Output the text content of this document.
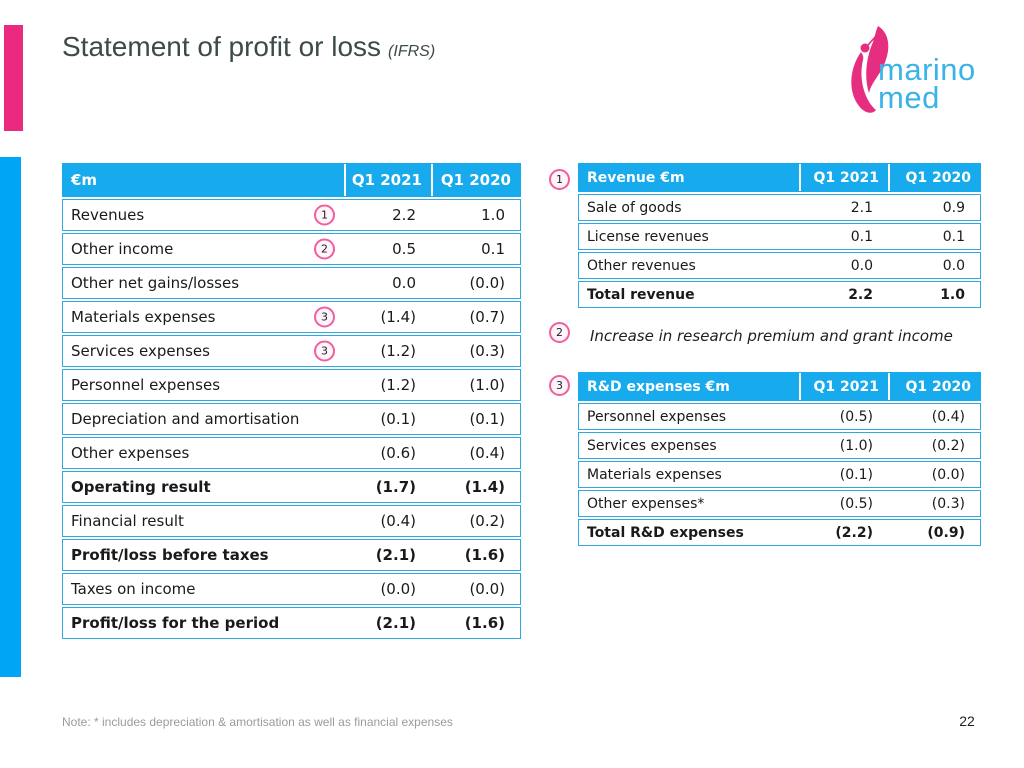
Statement of profit or loss (IFRS)
marino
med
€m	Q1 2021	Q1 2020
Revenues	2.2	1.0
1
Other income	0.5	0.1
2
Other net gains/losses	0.0	(0.0)
Materials expenses	(1.4)	(0.7)
3
Services expenses	(1.2)	(0.3)
3
Personnel expenses	(1.2)	(1.0)
Depreciation and amortisation	(0.1)	(0.1)
Other expenses	(0.6)	(0.4)
Operating result	(1.7)	(1.4)
Financial result	(0.4)	(0.2)
Profit/loss before taxes	(2.1)	(1.6)
Taxes on income	(0.0)	(0.0)
Profit/loss for the period	(2.1)	(1.6)
Revenue €m	Q1 2021	Q1 2020
Sale of goods	2.1	0.9
License revenues	0.1	0.1
Other revenues	0.0	0.0
Total revenue	2.2	1.0
R&D expenses €m	Q1 2021	Q1 2020
Personnel expenses	(0.5)	(0.4)
Services expenses	(1.0)	(0.2)
Materials expenses	(0.1)	(0.0)
Other expenses*	(0.5)	(0.3)
Total R&D expenses	(2.2)	(0.9)
1
2
3
Increase in research premium and grant income
Note: * includes depreciation & amortisation as well as financial expenses	22
